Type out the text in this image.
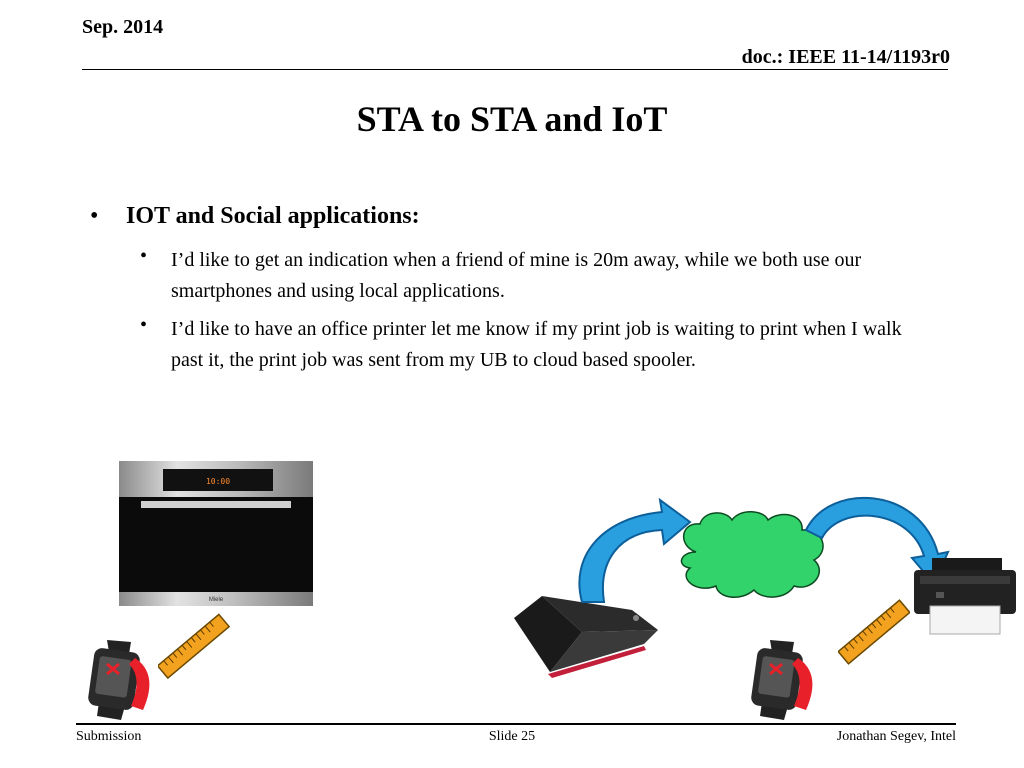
Sep. 2014
doc.: IEEE 11-14/1193r0
STA to STA and IoT
• IOT and Social applications:
• I’d like to get an indication when a friend of mine is 20m away, while we both use our smartphones and using local applications.
• I’d like to have an office printer let me know if my print job is waiting to print when I walk past it, the print job was sent from my UB to cloud based spooler.
10:00
Miele
Submission	Slide 25	Jonathan Segev, Intel
